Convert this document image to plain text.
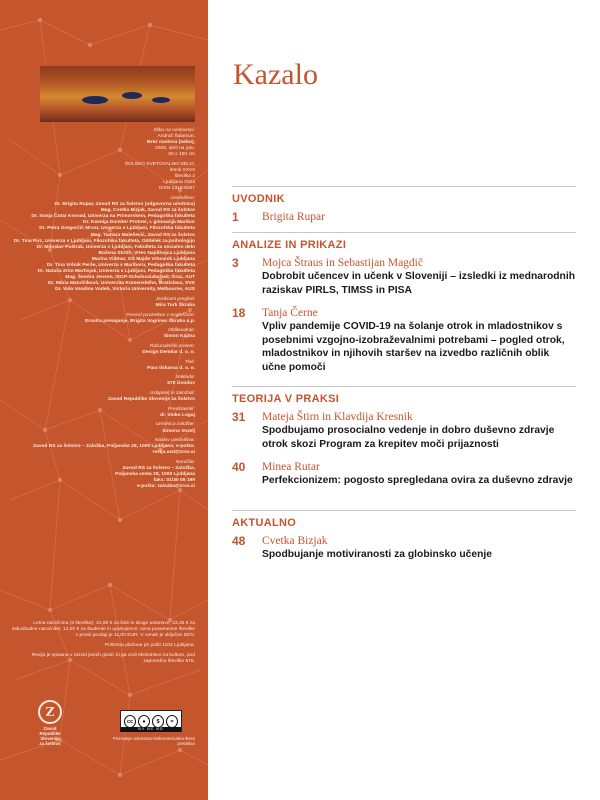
Slika na naslovnici:
Andraž Šalamun,
Brez naslova (nebo),
2008, akril na juto,
60 x 150 cm

ŠOLSKO SVETOVALNO DELO,
letnik XXVII
številka 2
Ljubljana 2023
ISSN 1318-8267

Uredništvo:
Dr. Brigita Rupar, Zavod RS za šolstvo (odgovorna urednica)
Mag. Cvetka Bizjak, Zavod RS za šolstvo
Dr. Sonja Čotar Konrad, Univerza na Primorskem, Pedagoška fakulteta
Dr. Ksenija Domiter Protner, I. gimnazija Maribor
Dr. Petra Gregorčič Mrvar, Univerza v Ljubljani, Filozofska fakulteta
Mag. Tamara Malešević, Zavod RS za šolstvo
Dr. Tina Pirc, Univerza v Ljubljani, Filozofska fakulteta, Oddelek za psihologijo
Dr. Miloslav Poštrak, Univerza v Ljubljani, Fakulteta za socialno delo
Božena Stritih, Vrtec Najdihojca Ljubljana
Marina Vidmar, OŠ Majde Vrhovnik Ljubljana
Dr. Tina Vršnik Perše, Univerza v Mariboru, Pedagoška fakulteta
Dr. Nataša Zrim Martinjak, Univerza v Ljubljani, Pedagoška fakulteta
Mag. Šeodra Jensen, ISOP-Schulsozialarbeit, Graz, AUT
Dr. Mária Matulčíková, Univerzita Komenského, Bratislava, SVK
Dr. Vida Vondina Vodeb, Victoria University, Melbourne, AUS

Jezikovni pregled:
Mira Turk Škraba

Prevod povzetkov v angleščino:
Ersatra prevajanje, Brigita Vogrinec Škraba s.p.

Oblikovanje:
Simon Kajtna

Računalniški prelom:
Design Demšar d. o. o.

Tisk:
Para tiskarna d. o. o.

Naklada:
570 izvodov

Izdajatelj in založnik:
Zavod Republike Slovenije za šolstvo

Predstavnik:
dr. Vinko Logaj

Urednica založbe:
Simona Vozelj

Naslov uredništva:
Zavod RS za šolstvo – Založba, Poljanska 28, 1000 Ljubljana; e-pošta: revija.ssd@zrss.si

Naročila:
Zavod RS za šolstvo – Založba,
Poljanska cesta 28, 1000 Ljubljana
faks: 01/30 05 199
e-pošta: zalozba@zrss.si

Letna naročnina (3 številke): 31,00 € za šole in druge ustanove; 23,25 € za individualne naročnike; 12,00 € za študente in upokojence; cena posamezne številke v prosti prodaji je 11,00 EUR. V cenah je vključen DDV.

Poštnina plačana pri pošti 1102 Ljubljana.

Revija je vpisana v razvid javnih glasil, ki ga vodi Ministrstvo za kulturo, pod zaporedno številko 576.

Z
Zavod
Republike
Slovenije
za šolstvo
cc	●	$	=
BY NC ND
Priznanje avtorstva-Nekomercialno-Brez predelav
Kazalo
UVODNIK
1 Brigita Rupar
ANALIZE IN PRIKAZI
3 Mojca Štraus in Sebastijan Magdič
Dobrobit učencev in učenk v Sloveniji – izsledki iz mednarodnih raziskav PIRLS, TIMSS in PISA
18 Tanja Černe
Vpliv pandemije COVID-19 na šolanje otrok in mladostnikov s posebnimi vzgojno-izobraževalnimi potrebami – pogled otrok, mladostnikov in njihovih staršev na izvedbo različnih oblik učne pomoči
TEORIJA V PRAKSI
31 Mateja Štirn in Klavdija Kresnik
Spodbujamo prosocialno vedenje in dobro duševno zdravje otrok skozi Program za krepitev moči prijaznosti
40 Minea Rutar
Perfekcionizem: pogosto spregledana ovira za duševno zdravje
AKTUALNO
48 Cvetka Bizjak
Spodbujanje motiviranosti za globinsko učenje
